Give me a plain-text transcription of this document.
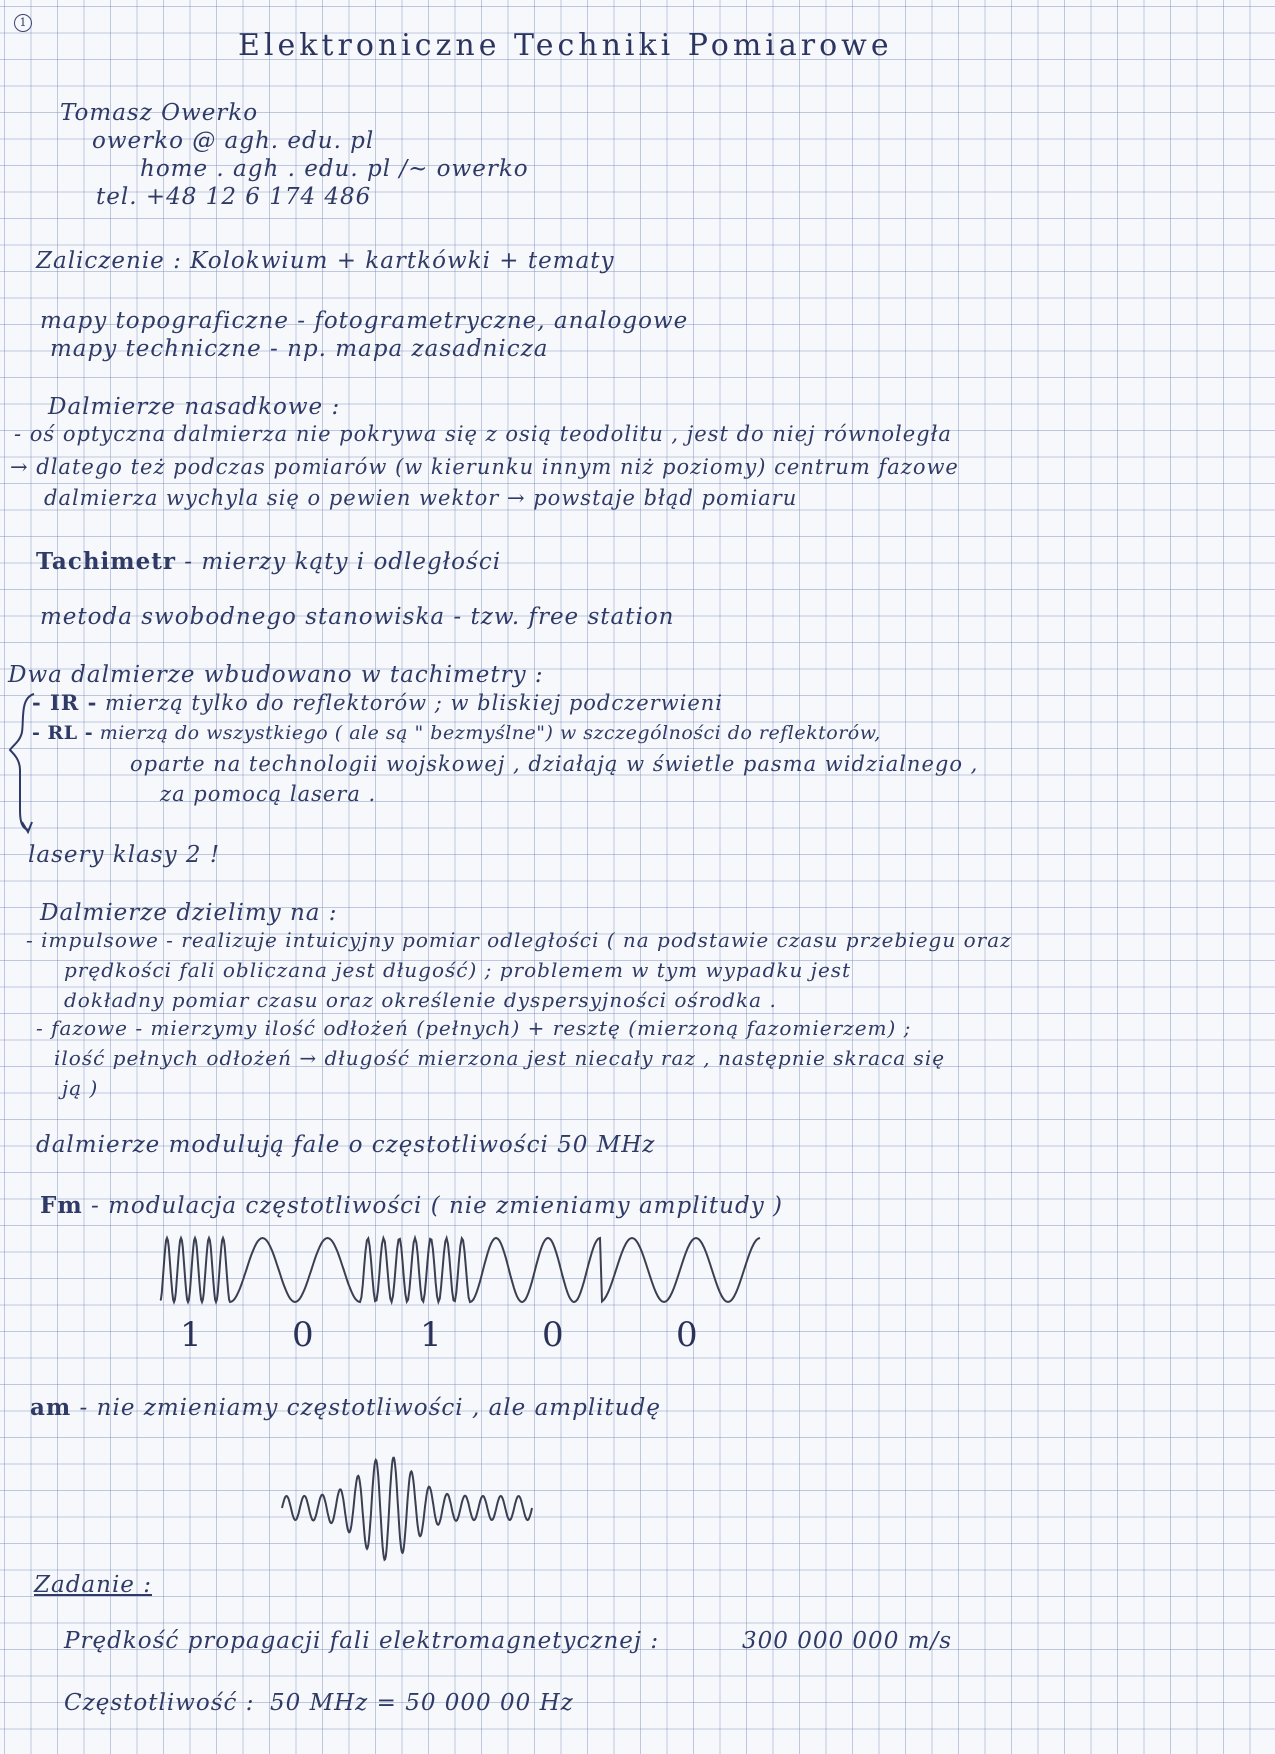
1
Elektroniczne Techniki Pomiarowe
Tomasz Owerko
owerko @ agh. edu. pl
home . agh . edu. pl /~ owerko
tel. +48 12 6 174 486
Zaliczenie : Kolokwium + kartkówki + tematy
mapy topograficzne - fotogrametryczne, analogowe
mapy techniczne - np. mapa zasadnicza
Dalmierze nasadkowe :
- oś optyczna dalmierza nie pokrywa się z osią teodolitu , jest do niej równoległa
→ dlatego też podczas pomiarów (w kierunku innym niż poziomy) centrum fazowe
dalmierza wychyla się o pewien wektor → powstaje błąd pomiaru
Tachimetr - mierzy kąty i odległości
metoda swobodnego stanowiska - tzw. free station
Dwa dalmierze wbudowano w tachimetry :
- IR - mierzą tylko do reflektorów ; w bliskiej podczerwieni
- RL - mierzą do wszystkiego ( ale są " bezmyślne") w szczególności do reflektorów,
oparte na technologii wojskowej , działają w świetle pasma widzialnego ,
za pomocą lasera .
lasery klasy 2 !
Dalmierze dzielimy na :
- impulsowe - realizuje intuicyjny pomiar odległości ( na podstawie czasu przebiegu oraz
prędkości fali obliczana jest długość) ; problemem w tym wypadku jest
dokładny pomiar czasu oraz określenie dyspersyjności ośrodka .
- fazowe - mierzymy ilość odłożeń (pełnych) + resztę (mierzoną fazomierzem) ;
ilość pełnych odłożeń → długość mierzona jest niecały raz , następnie skraca się
ją )
dalmierze modulują fale o częstotliwości 50 MHz
Fm - modulacja częstotliwości ( nie zmieniamy amplitudy )
1	0	1	0	0
am - nie zmieniamy częstotliwości , ale amplitudę
Zadanie :
Prędkość propagacji fali elektromagnetycznej :	300 000 000 m/s
Częstotliwość : 50 MHz = 50 000 00 Hz
